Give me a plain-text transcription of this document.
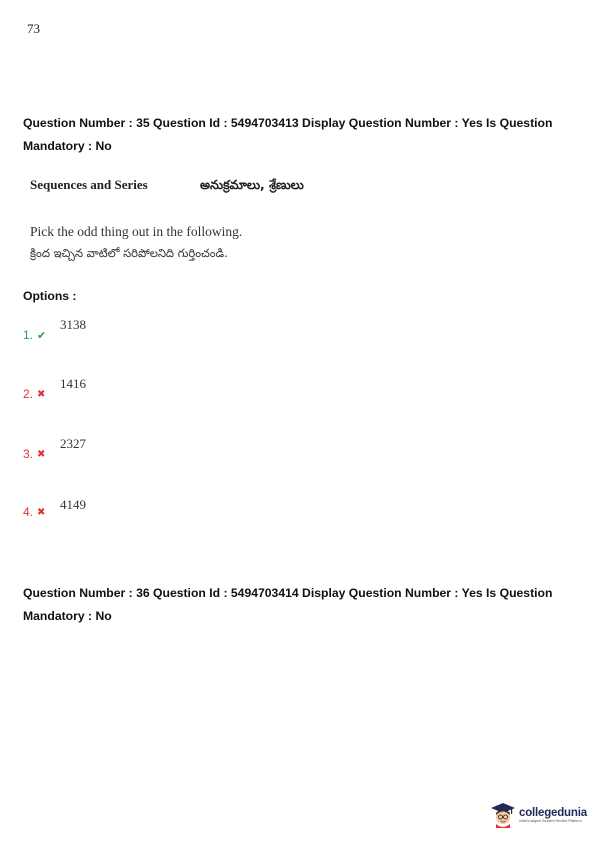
73
Question Number : 35 Question Id : 5494703413 Display Question Number : Yes Is Question
Mandatory : No
Sequences and Series	అనుక్రమాలు, శ్రేణులు
Pick the odd thing out in the following.
క్రింద ఇచ్చిన వాటిలో సరిపోలనిది గుర్తించండి.
Options :
1. ✔
3138
2. ✖
1416
3. ✖
2327
4. ✖ 4149
Question Number : 36 Question Id : 5494703414 Display Question Number : Yes Is Question
Mandatory : No
collegedunia
India's largest Student Review Platform
